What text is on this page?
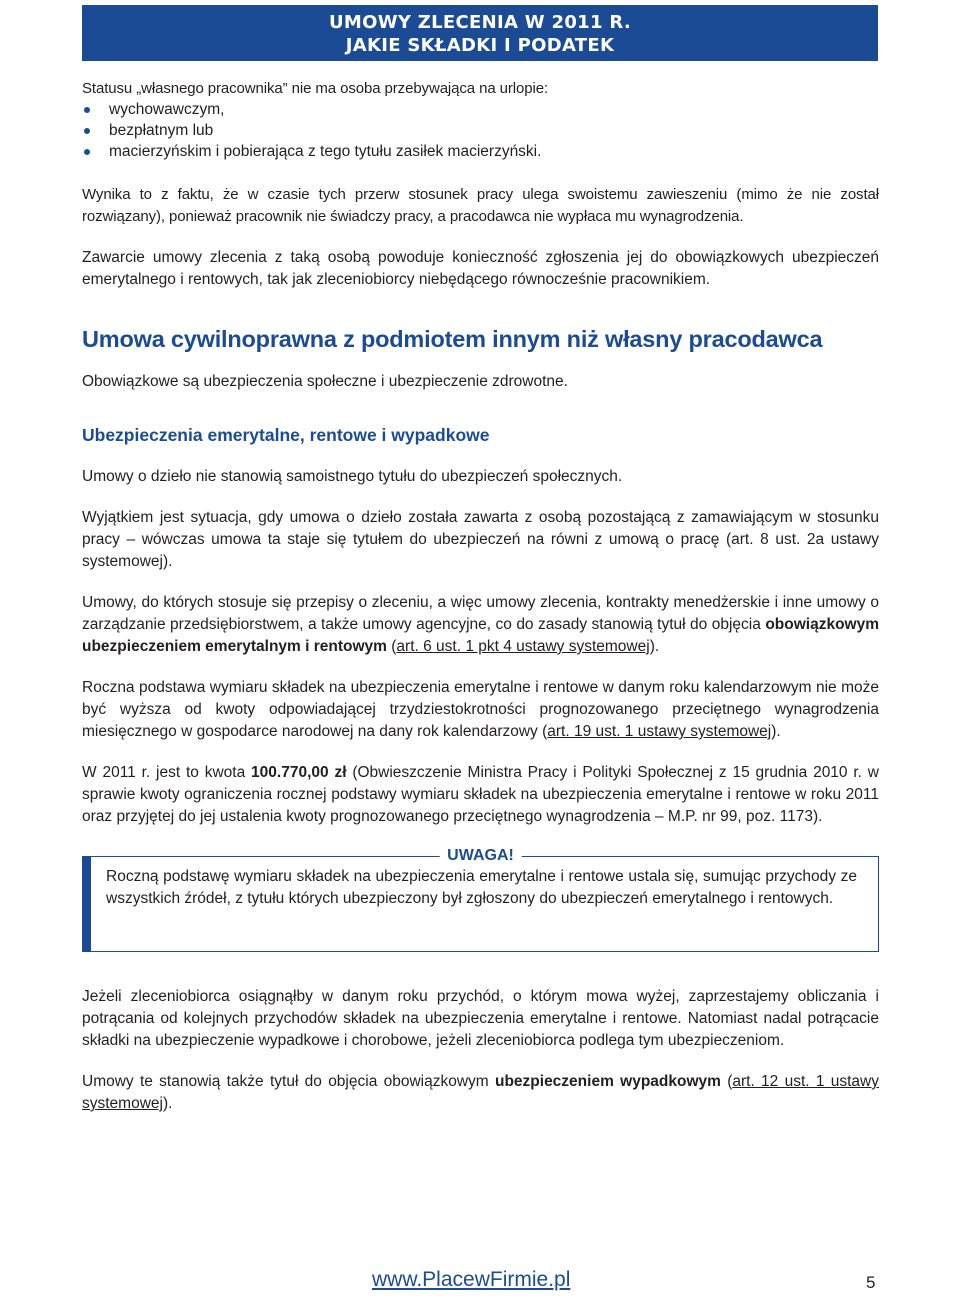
UMOWY ZLECENIA W 2011 R.
JAKIE SKŁADKI I PODATEK

Statusu „własnego pracownika” nie ma osoba przebywająca na urlopie:

wychowawczym,
bezpłatnym lub
macierzyńskim i pobierająca z tego tytułu zasiłek macierzyński.

Wynika to z faktu, że w czasie tych przerw stosunek pracy ulega swoistemu zawieszeniu (mimo że nie został rozwiązany), ponieważ pracownik nie świadczy pracy, a pracodawca nie wypłaca mu wynagrodzenia.

Zawarcie umowy zlecenia z taką osobą powoduje konieczność zgłoszenia jej do obowiązkowych ubezpieczeń emerytalnego i rentowych, tak jak zleceniobiorcy niebędącego równocześnie pracownikiem.

Umowa cywilnoprawna z podmiotem innym niż własny pracodawca

Obowiązkowe są ubezpieczenia społeczne i ubezpieczenie zdrowotne.

Ubezpieczenia emerytalne, rentowe i wypadkowe

Umowy o dzieło nie stanowią samoistnego tytułu do ubezpieczeń społecznych.

Wyjątkiem jest sytuacja, gdy umowa o dzieło została zawarta z osobą pozostającą z zamawiającym w stosunku pracy – wówczas umowa ta staje się tytułem do ubezpieczeń na równi z umową o pracę (art. 8 ust. 2a ustawy systemowej).

Umowy, do których stosuje się przepisy o zleceniu, a więc umowy zlecenia, kontrakty menedżerskie i inne umowy o zarządzanie przedsiębiorstwem, a także umowy agencyjne, co do zasady stanowią tytuł do objęcia obowiązkowym ubezpieczeniem emerytalnym i rentowym (art. 6 ust. 1 pkt 4 ustawy systemowej).

Roczna podstawa wymiaru składek na ubezpieczenia emerytalne i rentowe w danym roku kalendarzowym nie może być wyższa od kwoty odpowiadającej trzydziestokrotności prognozowanego przeciętnego wynagrodzenia miesięcznego w gospodarce narodowej na dany rok kalendarzowy (art. 19 ust. 1 ustawy systemowej).

W 2011 r. jest to kwota 100.770,00 zł (Obwieszczenie Ministra Pracy i Polityki Społecznej z 15 grudnia 2010 r. w sprawie kwoty ograniczenia rocznej podstawy wymiaru składek na ubezpieczenia emerytalne i rentowe w roku 2011 oraz przyjętej do jej ustalenia kwoty prognozowanego przeciętnego wynagrodzenia – M.P. nr 99, poz. 1173).

UWAGA!

Roczną podstawę wymiaru składek na ubezpieczenia emerytalne i rentowe ustala się, sumując przychody ze wszystkich źródeł, z tytułu których ubezpieczony był zgłoszony do ubezpieczeń emerytalnego i rentowych.

Jeżeli zleceniobiorca osiągnąłby w danym roku przychód, o którym mowa wyżej, zaprzestajemy obliczania i potrącania od kolejnych przychodów składek na ubezpieczenia emerytalne i rentowe. Natomiast nadal potrącacie składki na ubezpieczenie wypadkowe i chorobowe, jeżeli zleceniobiorca podlega tym ubezpieczeniom.

Umowy te stanowią także tytuł do objęcia obowiązkowym ubezpieczeniem wypadkowym (art. 12 ust. 1 ustawy systemowej).

www.PlacewFirmie.pl	5
